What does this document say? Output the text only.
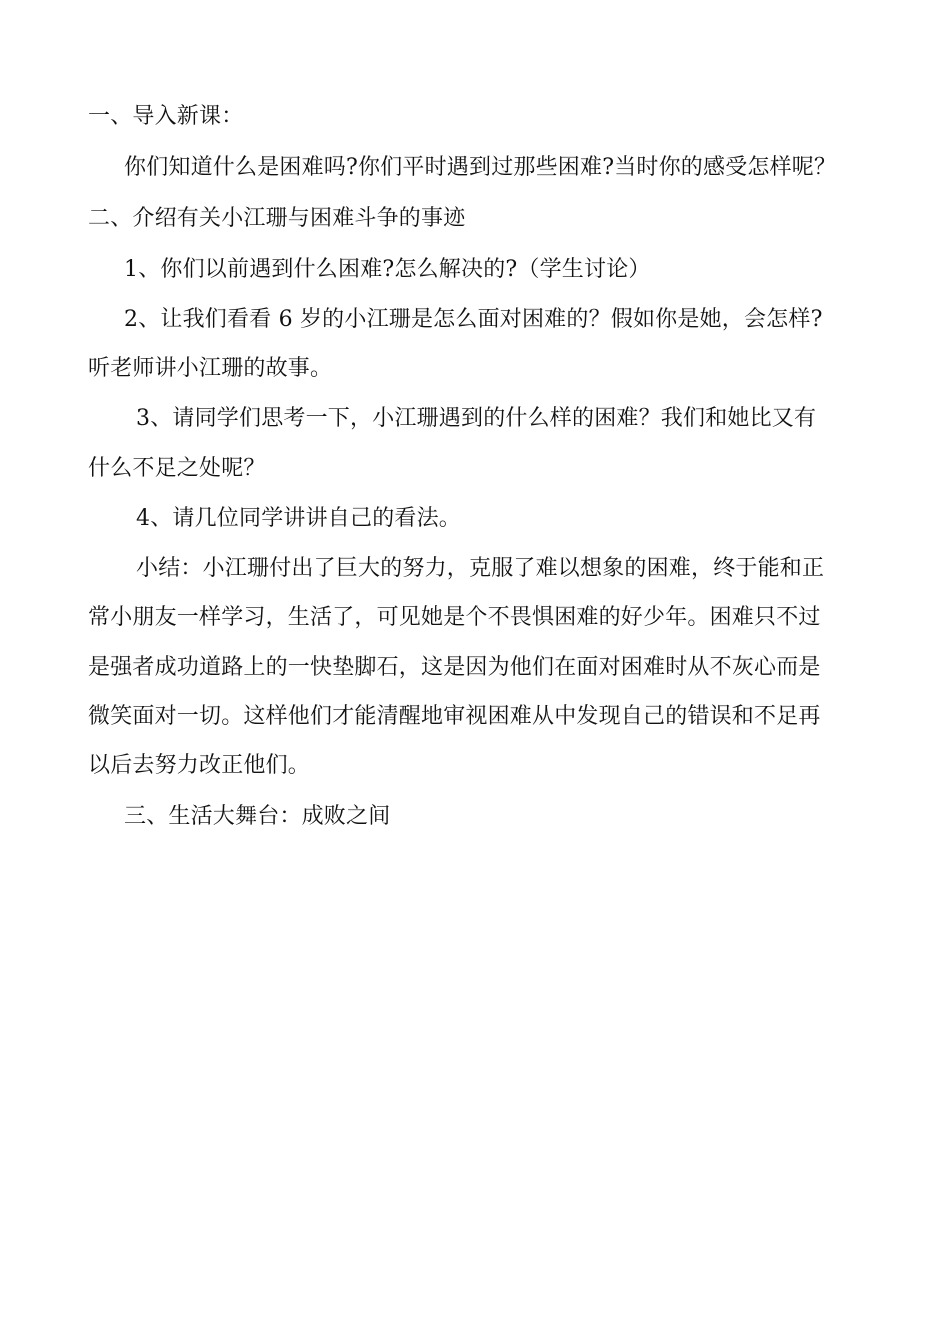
一、导入新课：
你们知道什么是困难吗?你们平时遇到过那些困难?当时你的感受怎样呢？
二、介绍有关小江珊与困难斗争的事迹
1、你们以前遇到什么困难?怎么解决的?（学生讨论）
2、让我们看看 6 岁的小江珊是怎么面对困难的？假如你是她，会怎样?
听老师讲小江珊的故事。
3、请同学们思考一下，小江珊遇到的什么样的困难？我们和她比又有
什么不足之处呢？
4、请几位同学讲讲自己的看法。
小结：小江珊付出了巨大的努力，克服了难以想象的困难，终于能和正
常小朋友一样学习，生活了，可见她是个不畏惧困难的好少年。困难只不过
是强者成功道路上的一快垫脚石，这是因为他们在面对困难时从不灰心而是
微笑面对一切。这样他们才能清醒地审视困难从中发现自己的错误和不足再
以后去努力改正他们。
三、生活大舞台：成败之间
